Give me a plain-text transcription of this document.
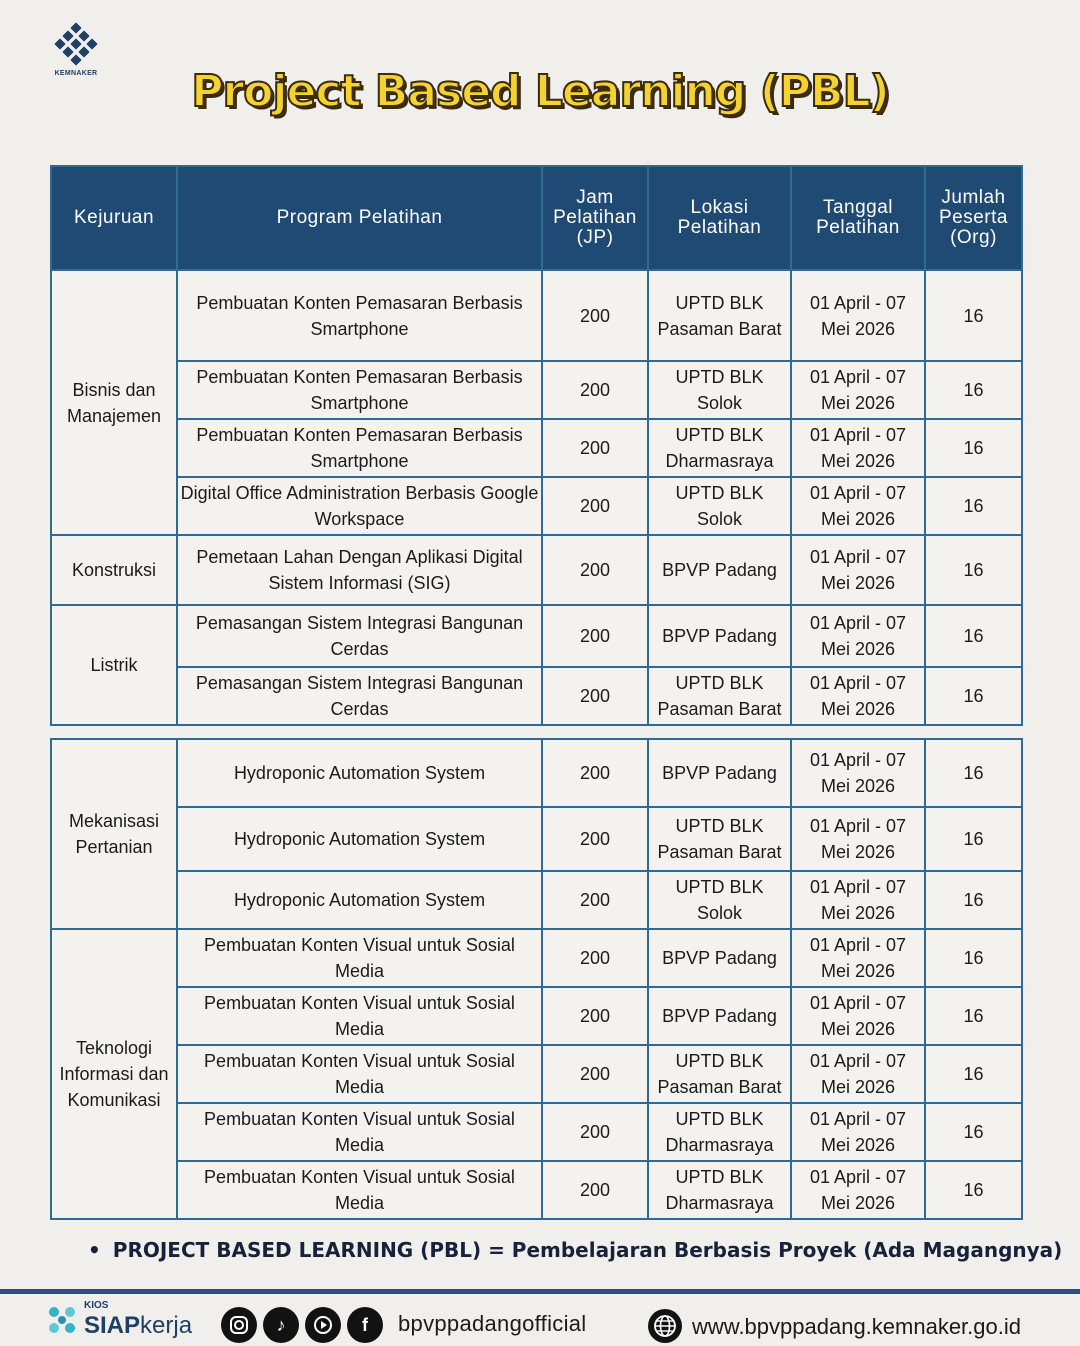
KEMNAKER	Project Based Learning (PBL)
Kejuruan	Program Pelatihan	Jam Pelatihan (JP)	Lokasi Pelatihan	Tanggal Pelatihan	Jumlah Peserta (Org)
Bisnis dan Manajemen	Pembuatan Konten Pemasaran Berbasis Smartphone	200	UPTD BLK Pasaman Barat	01 April - 07 Mei 2026	16
	Pembuatan Konten Pemasaran Berbasis Smartphone	200	UPTD BLK Solok	01 April - 07 Mei 2026	16
	Pembuatan Konten Pemasaran Berbasis Smartphone	200	UPTD BLK Dharmasraya	01 April - 07 Mei 2026	16
	Digital Office Administration Berbasis Google Workspace	200	UPTD BLK Solok	01 April - 07 Mei 2026	16
Konstruksi	Pemetaan Lahan Dengan Aplikasi Digital Sistem Informasi (SIG)	200	BPVP Padang	01 April - 07 Mei 2026	16
Listrik	Pemasangan Sistem Integrasi Bangunan Cerdas	200	BPVP Padang	01 April - 07 Mei 2026	16
	Pemasangan Sistem Integrasi Bangunan Cerdas	200	UPTD BLK Pasaman Barat	01 April - 07 Mei 2026	16
Mekanisasi Pertanian	Hydroponic Automation System	200	BPVP Padang	01 April - 07 Mei 2026	16
	Hydroponic Automation System	200	UPTD BLK Pasaman Barat	01 April - 07 Mei 2026	16
	Hydroponic Automation System	200	UPTD BLK Solok	01 April - 07 Mei 2026	16
Teknologi Informasi dan Komunikasi	Pembuatan Konten Visual untuk Sosial Media	200	BPVP Padang	01 April - 07 Mei 2026	16
	Pembuatan Konten Visual untuk Sosial Media	200	BPVP Padang	01 April - 07 Mei 2026	16
	Pembuatan Konten Visual untuk Sosial Media	200	UPTD BLK Pasaman Barat	01 April - 07 Mei 2026	16
	Pembuatan Konten Visual untuk Sosial Media	200	UPTD BLK Dharmasraya	01 April - 07 Mei 2026	16
	Pembuatan Konten Visual untuk Sosial Media	200	UPTD BLK Dharmasraya	01 April - 07 Mei 2026	16
• PROJECT BASED LEARNING (PBL) = Pembelajaran Berbasis Proyek (Ada Magangnya)
KIOS
SIAPkerja	♪	f	bpvppadangofficial	www.bpvppadang.kemnaker.go.id
